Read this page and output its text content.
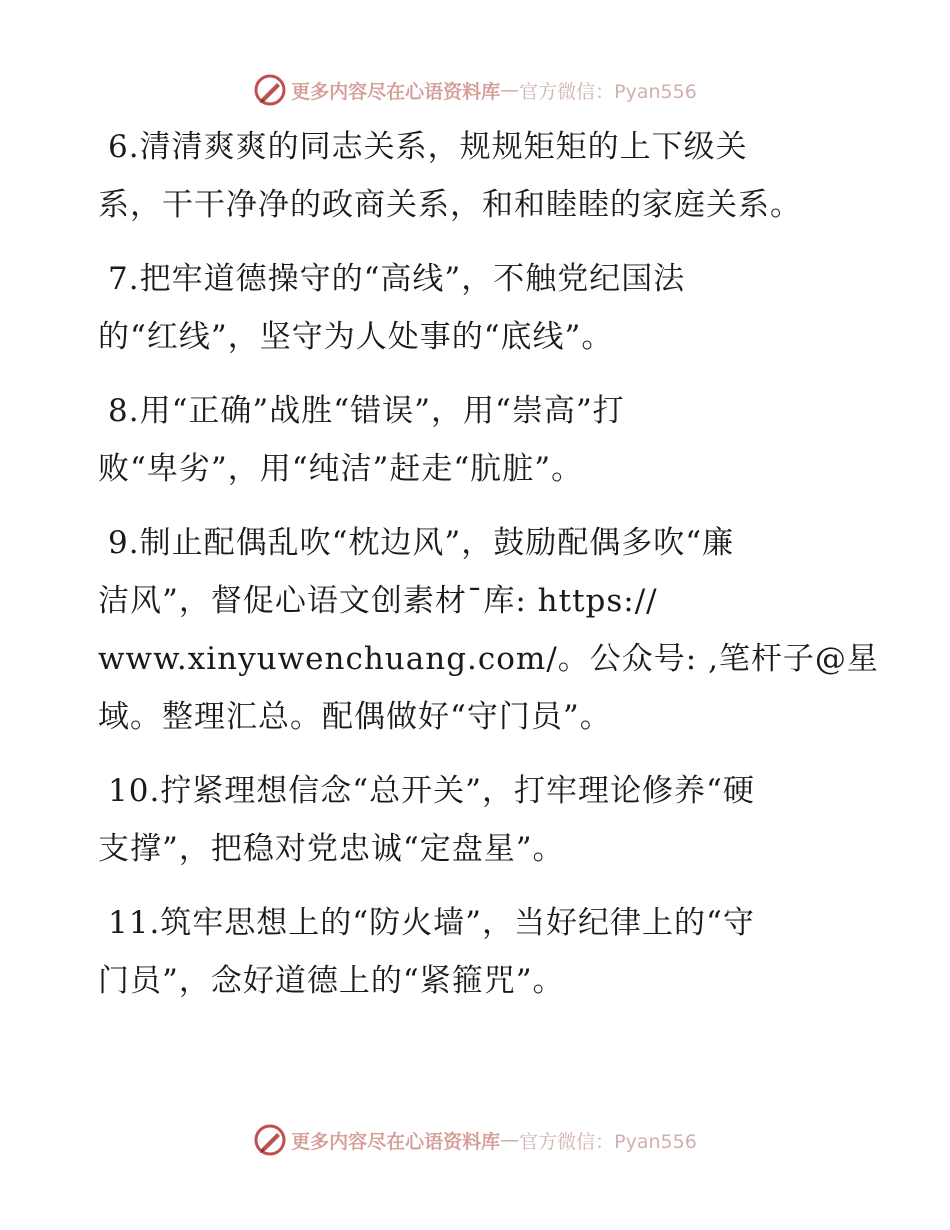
更多内容尽在心语资料库 — 官方微信：Pyan556

6.清清爽爽的同志关系，规规矩矩的上下级关
系，干干净净的政商关系，和和睦睦的家庭关系。

7.把牢道德操守的“高线”，不触党纪国法
的“红线”，坚守为人处事的“底线”。

8.用“正确”战胜“错误”，用“崇高”打
败“卑劣”，用“纯洁”赶走“肮脏”。

9.制止配偶乱吹“枕边风”，鼓励配偶多吹“廉
洁风”，督促心语文创素材¯库: https://
www.xinyuwenchuang.com/。公众号: ,笔杆子@星
域。整理汇总。配偶做好“守门员”。

10.拧紧理想信念“总开关”，打牢理论修养“硬
支撑”，把稳对党忠诚“定盘星”。

11.筑牢思想上的“防火墙”，当好纪律上的“守
门员”，念好道德上的“紧箍咒”。

更多内容尽在心语资料库 — 官方微信：Pyan556
